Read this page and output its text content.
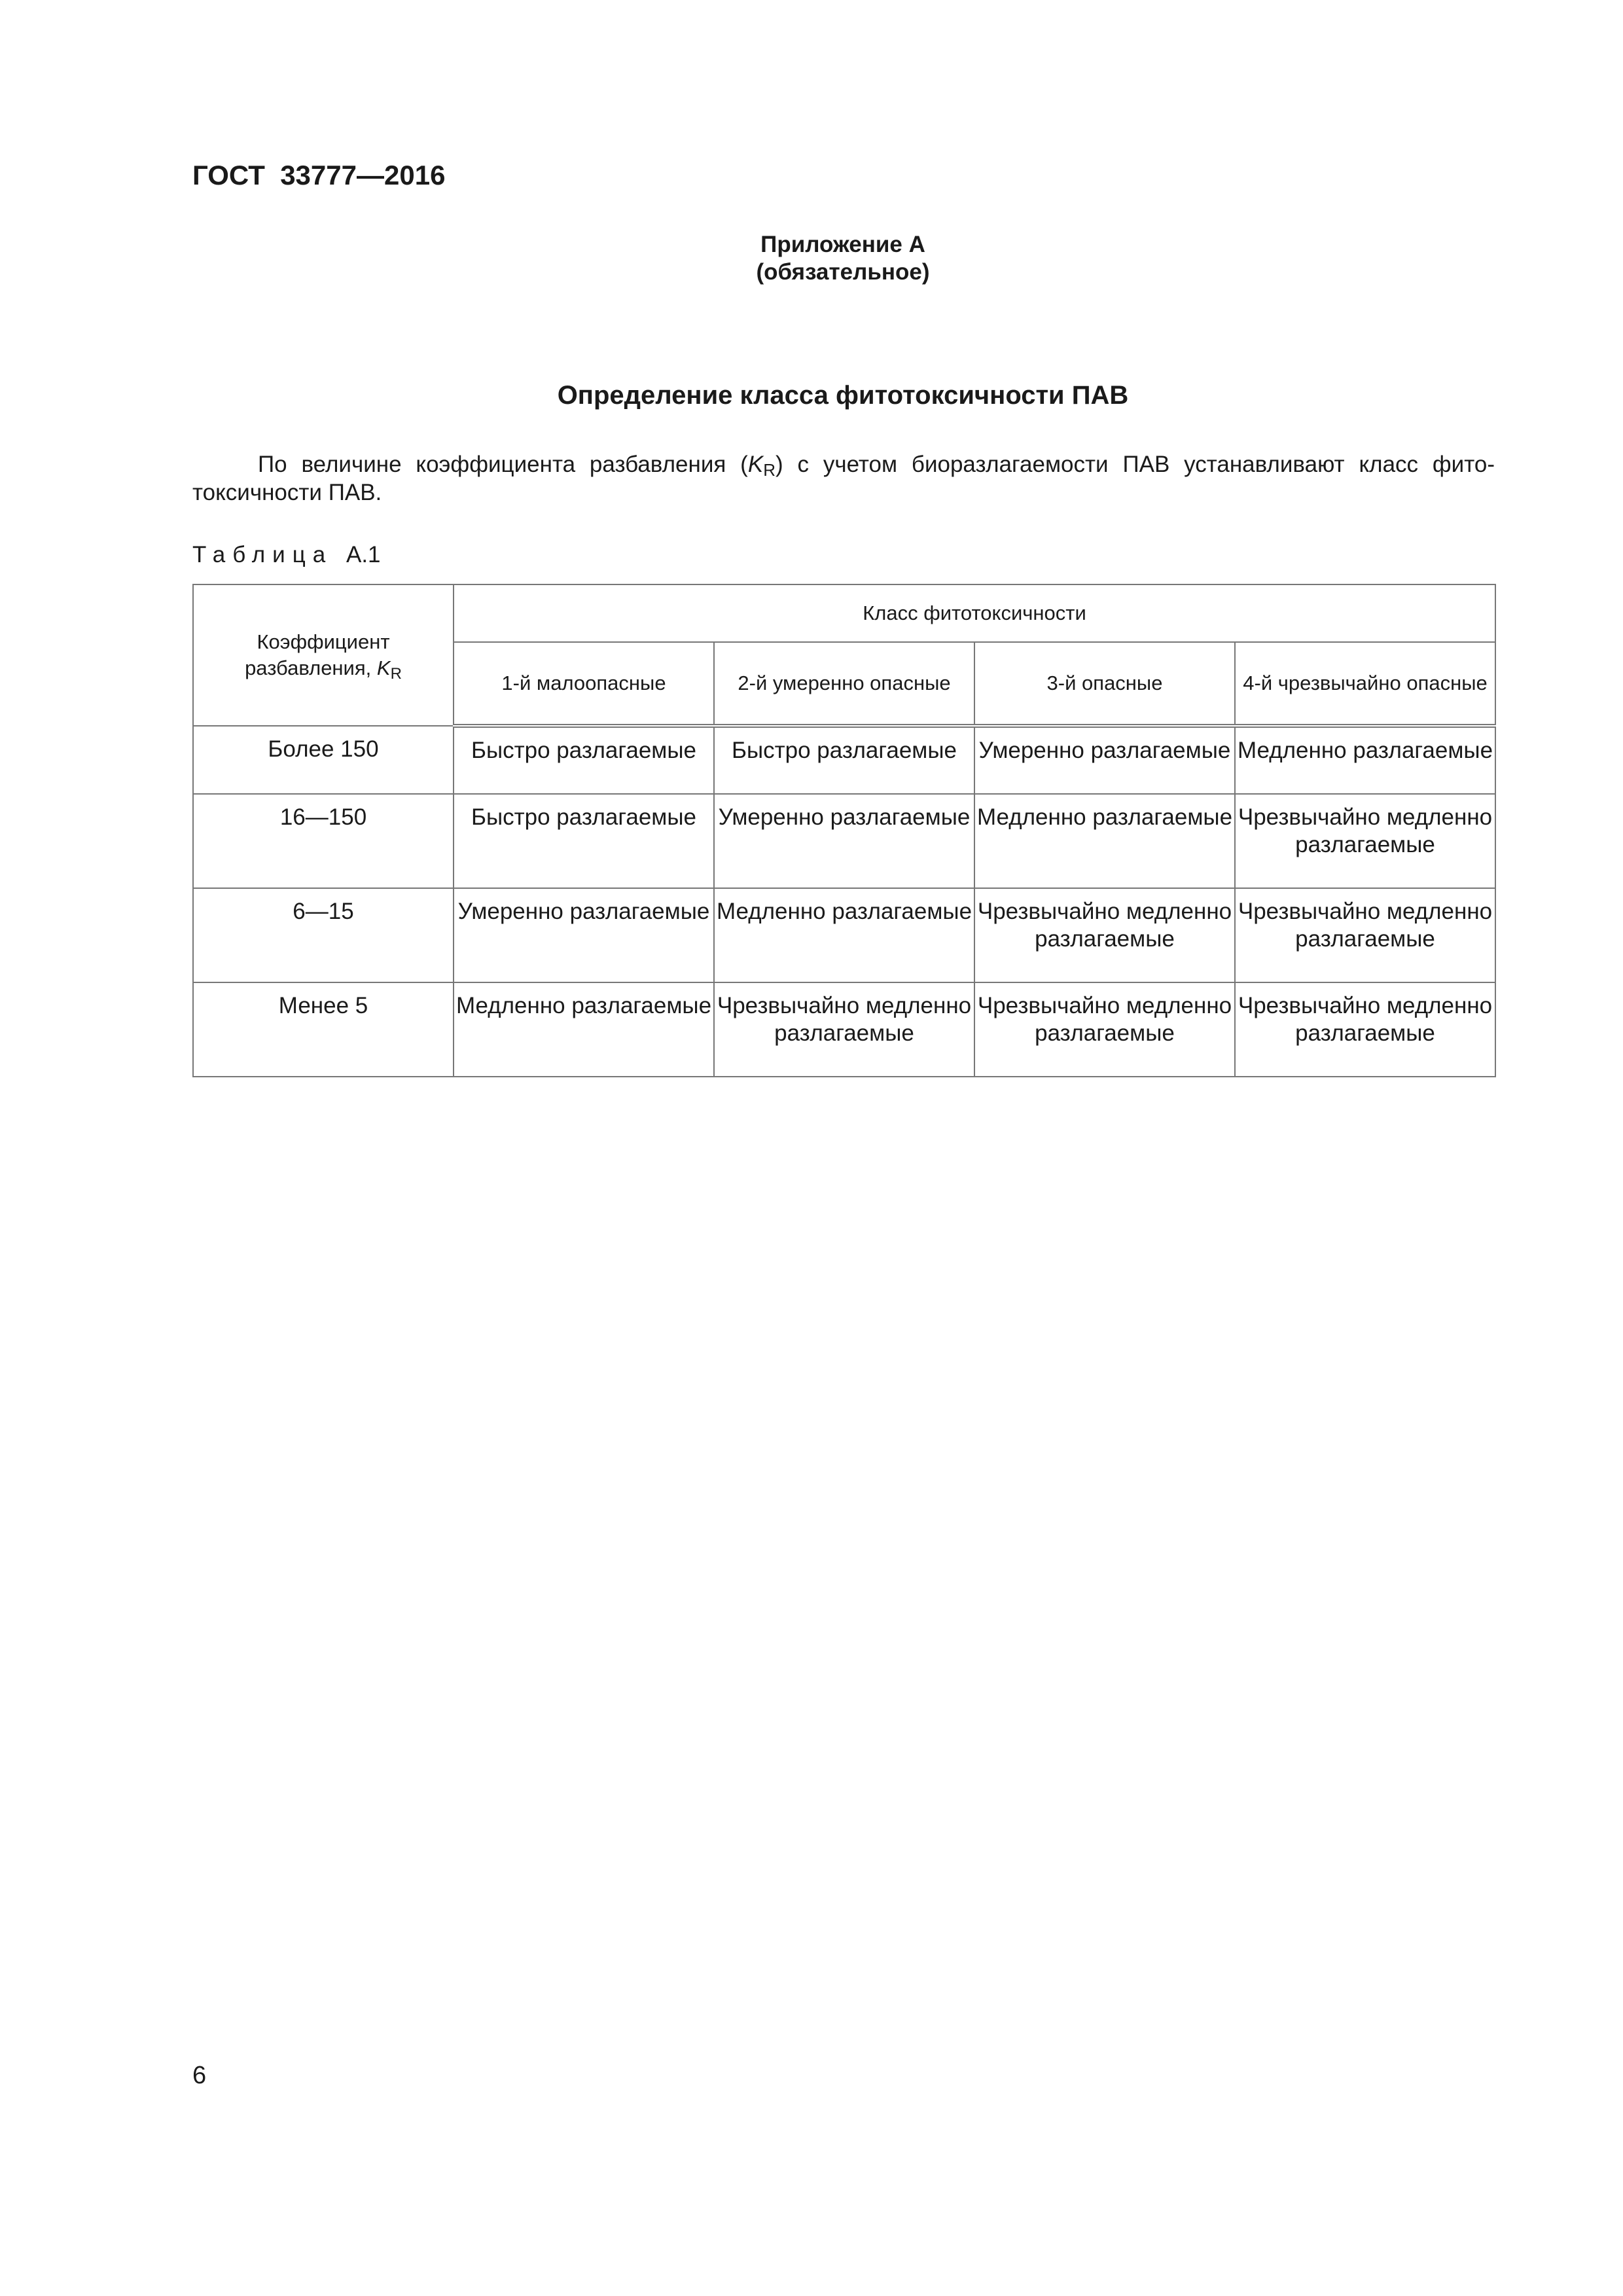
ГОСТ  33777—2016
Приложение А
(обязательное)
Определение класса фитотоксичности ПАВ
По величине коэффициента разбавления $(K_R)$ с учетом биоразлагаемости ПАВ устанавливают класс фито-токсичности ПАВ.
Таблица А.1
Коэффициент разбавления, $K_R$	Класс фитотоксичности			
	1-й малоопасные	2-й умеренно опасные	3-й опасные	4-й чрезвычайно опасные
Более 150	Быстро разлагаемые	Быстро разлагаемые	Умеренно разлагаемые	Медленно разлагаемые
16—150	Быстро разлагаемые	Умеренно разлагаемые	Медленно разлагаемые	Чрезвычайно медленно разлагаемые
6—15	Умеренно разлагаемые	Медленно разлагаемые	Чрезвычайно медленно разлагаемые	Чрезвычайно медленно разлагаемые
Менее 5	Медленно разлагаемые	Чрезвычайно медленно разлагаемые	Чрезвычайно медленно разлагаемые	Чрезвычайно медленно разлагаемые
6
